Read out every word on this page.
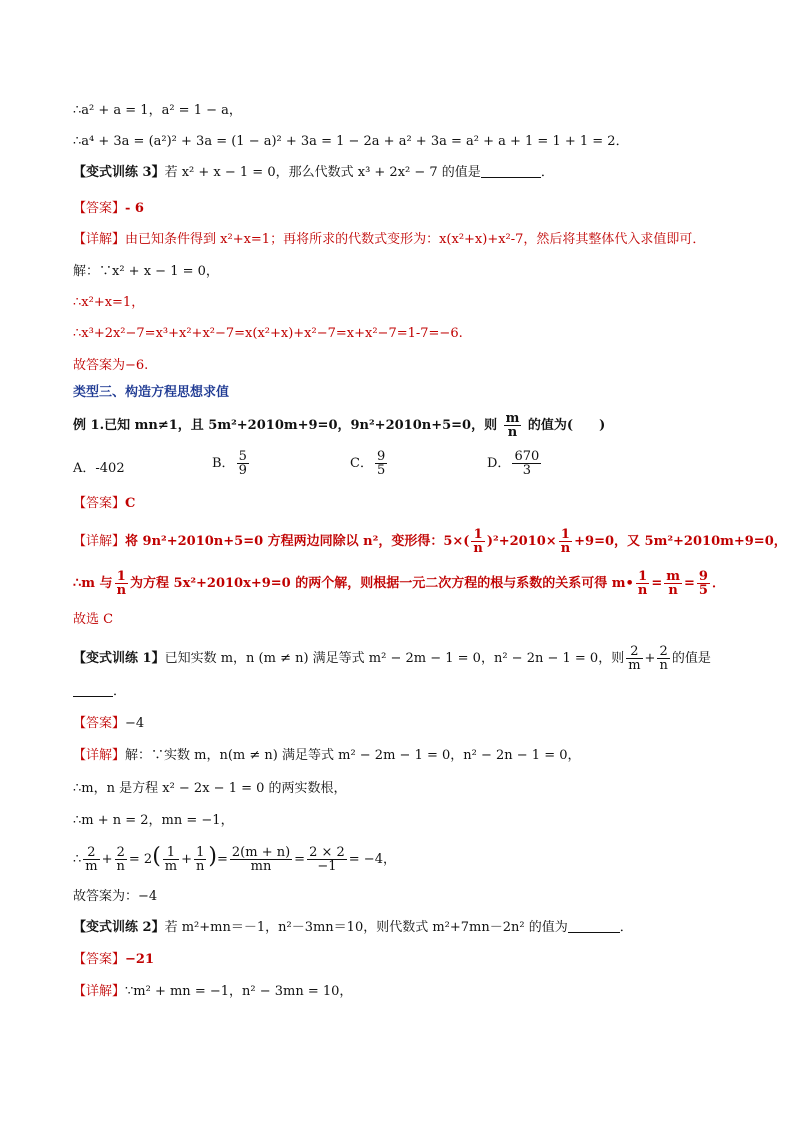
∴a² + a = 1，a² = 1 − a，
∴a⁴ + 3a = (a²)² + 3a = (1 − a)² + 3a = 1 − 2a + a² + 3a = a² + a + 1 = 1 + 1 = 2．
【变式训练 3】若 x² + x − 1 = 0，那么代数式 x³ + 2x² − 7 的值是	．
【答案】- 6
【详解】由已知条件得到 x²+x=1；再将所求的代数式变形为：x(x²+x)+x²-7，然后将其整体代入求值即可．
解：∵x² + x − 1 = 0，
∴x²+x=1，
∴x³+2x²−7=x³+x²+x²−7=x(x²+x)+x²−7=x+x²−7=1-7=−6.
故答案为−6.
类型三、构造方程思想求值
例 1.已知 mn≠1，且 5m²+2010m+9=0，9n²+2010n+5=0，则 $\frac{m}{n}$ 的值为(　　)
A．-402	B． $\frac{5}{9}$	C． $\frac{9}{5}$	D． $\frac{670}{3}$
【答案】C
【详解】将 9n²+2010n+5=0 方程两边同除以 n²，变形得：$5\times( \frac{1}{n} )^2+2010\times \frac{1}{n} +9=0$，又 5m²+2010m+9=0，
∴m 与 $\frac{1}{n}$ 为方程 5x²+2010x+9=0 的两个解，则根据一元二次方程的根与系数的关系可得 m• $\frac{1}{n} = \frac{m}{n} = \frac{9}{5}$ ．
故选 C
【变式训练 1】已知实数 m，n (m ≠ n) 满足等式 m² − 2m − 1 = 0，n² − 2n − 1 = 0，则 $\frac{2}{m} + \frac{2}{n}$ 的值是
．
【答案】−4
【详解】解：∵实数 m，n(m ≠ n) 满足等式 m² − 2m − 1 = 0，n² − 2n − 1 = 0，
∴m，n 是方程 x² − 2x − 1 = 0 的两实数根，
∴m + n = 2，mn = −1，
∴ $\frac{2}{m} + \frac{2}{n} = 2( \frac{1}{m} + \frac{1}{n}$ )= $\frac{2(m + n)}{mn} = \frac{2 \times 2}{-1} = -4$，
故答案为：−4
【变式训练 2】若 m²+mn＝－1，n²－3mn＝10，则代数式 m²+7mn－2n² 的值为	．
【答案】−21
【详解】∵m² + mn = −1，n² − 3mn = 10，
